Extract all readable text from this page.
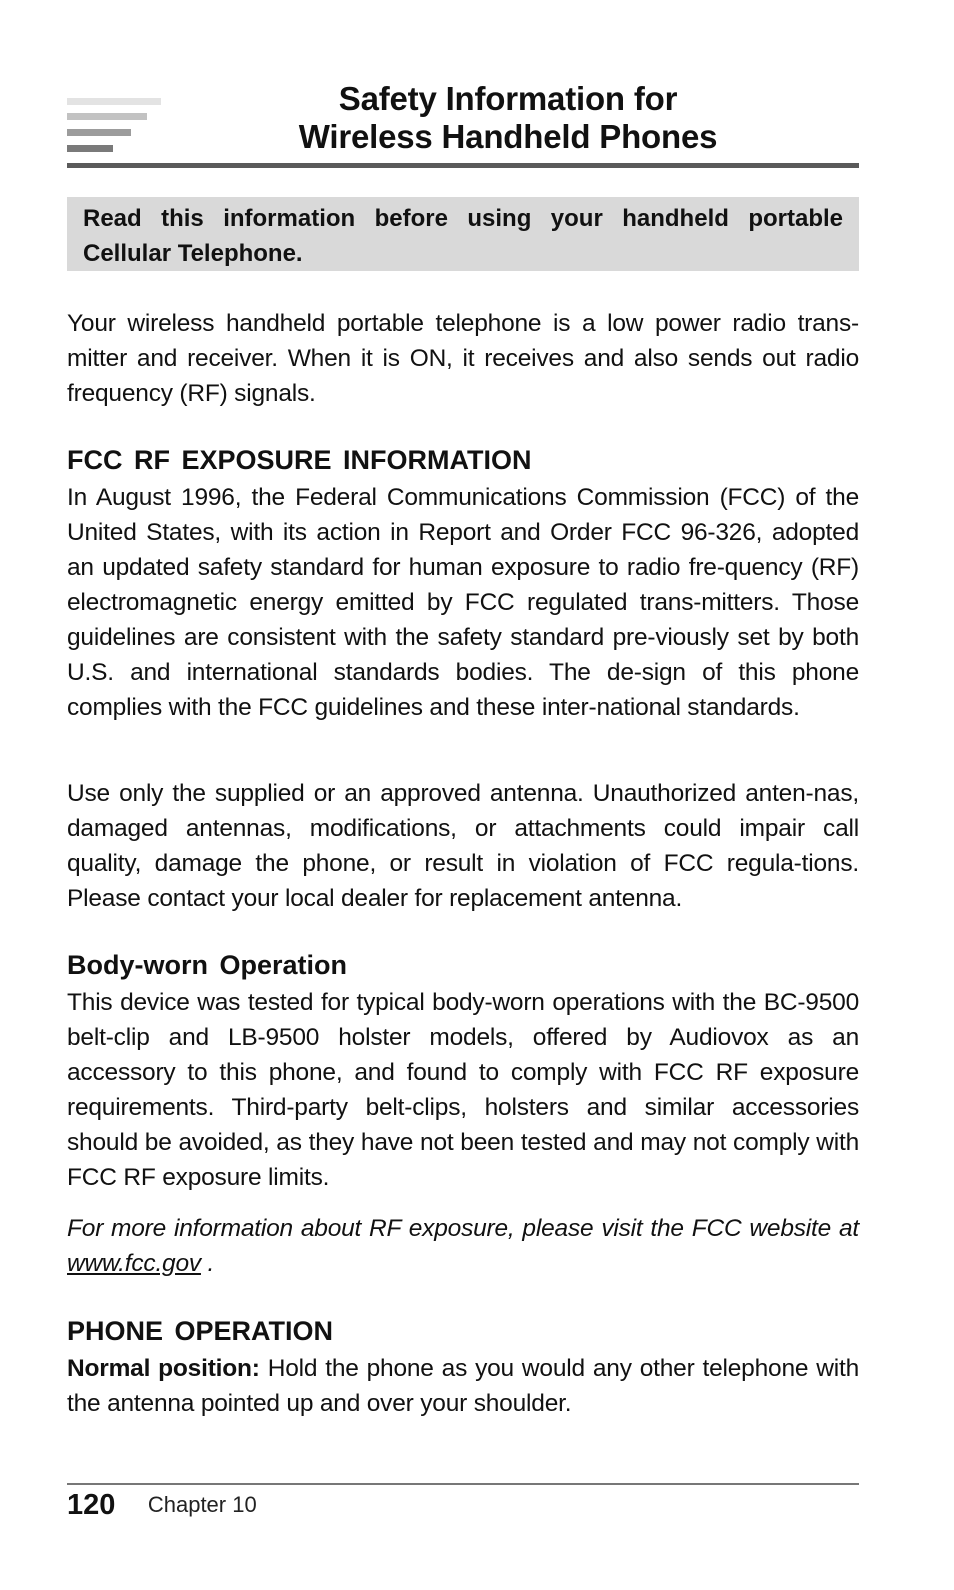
Safety Information for
Wireless Handheld Phones
Read this information before using your handheld portable Cellular Telephone.
Your wireless handheld portable telephone is a low power radio trans-mitter and receiver. When it is ON, it receives and also sends out radio frequency (RF) signals.
FCC RF EXPOSURE INFORMATION
In August 1996, the Federal Communications Commission (FCC) of the United States, with its action in Report and Order FCC 96-326, adopted an updated safety standard for human exposure to radio fre-quency (RF) electromagnetic energy emitted by FCC regulated trans-mitters. Those guidelines are consistent with the safety standard pre-viously set by both U.S. and international standards bodies. The de-sign of this phone complies with the FCC guidelines and these inter-national standards.
Use only the supplied or an approved antenna. Unauthorized anten-nas, damaged antennas, modifications, or attachments could impair call quality, damage the phone, or result in violation of FCC regula-tions. Please contact your local dealer for replacement antenna.
Body-worn Operation
This device was tested for typical body-worn operations with the BC-9500 belt-clip and LB-9500 holster models, offered by Audiovox as an accessory to this phone, and found to comply with FCC RF exposure requirements. Third-party belt-clips, holsters and similar accessories should be avoided, as they have not been tested and may not comply with FCC RF exposure limits.
For more information about RF exposure, please visit the FCC website at www.fcc.gov .
PHONE OPERATION
Normal position: Hold the phone as you would any other telephone with the antenna pointed up and over your shoulder.
120 Chapter 10
